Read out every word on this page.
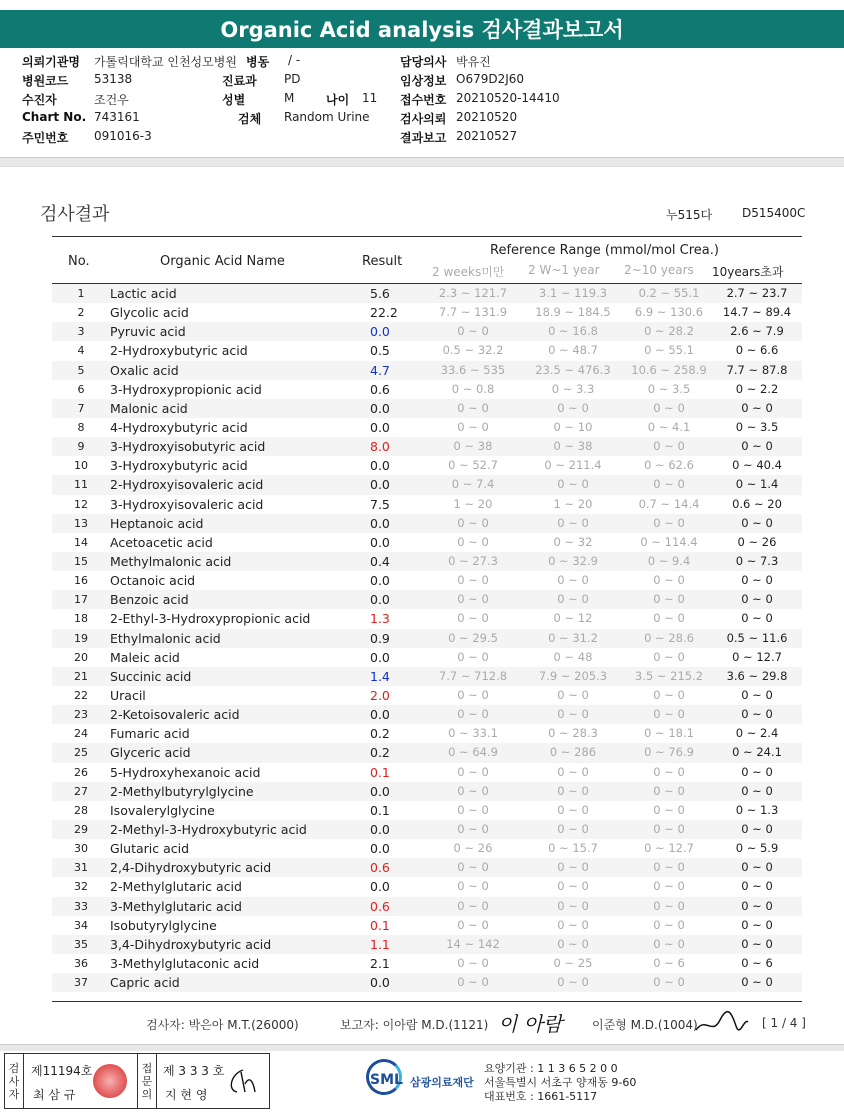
Organic Acid analysis 검사결과보고서
의뢰기관명 가톨릭대학교 인천성모병원 병동 / -	담당의사 박유진
병원코드 53138	진료과 PD	임상정보 O679D2J60
수진자	조건우	성별	M	나이 11 접수번호 20210520-14410
Chart No. 743161	검체 Random Urine	검사의뢰 20210520
주민번호 091016-3	결과보고 20210527
검사결과	누515다 D515400C
No.	Organic Acid Name	Result
Reference Range (mmol/mol Crea.)
2 weeks미만 2 W~1 year 2~10 years 10years초과
1	Lactic acid	5.6	2.3 ~ 121.7	3.1 ~ 119.3	0.2 ~ 55.1	2.7 ~ 23.7
2	Glycolic acid	22.2	7.7 ~ 131.9	18.9 ~ 184.5	6.9 ~ 130.6	14.7 ~ 89.4
3	Pyruvic acid	0.0	0 ~ 0	0 ~ 16.8	0 ~ 28.2	2.6 ~ 7.9
4	2-Hydroxybutyric acid	0.5	0.5 ~ 32.2	0 ~ 48.7	0 ~ 55.1	0 ~ 6.6
5	Oxalic acid	4.7	33.6 ~ 535	23.5 ~ 476.3	10.6 ~ 258.9	7.7 ~ 87.8
6	3-Hydroxypropionic acid	0.6	0 ~ 0.8	0 ~ 3.3	0 ~ 3.5	0 ~ 2.2
7	Malonic acid	0.0	0 ~ 0	0 ~ 0	0 ~ 0	0 ~ 0
8	4-Hydroxybutyric acid	0.0	0 ~ 0	0 ~ 10	0 ~ 4.1	0 ~ 3.5
9	3-Hydroxyisobutyric acid	8.0	0 ~ 38	0 ~ 38	0 ~ 0	0 ~ 0
10	3-Hydroxybutyric acid	0.0	0 ~ 52.7	0 ~ 211.4	0 ~ 62.6	0 ~ 40.4
11	2-Hydroxyisovaleric acid	0.0	0 ~ 7.4	0 ~ 0	0 ~ 0	0 ~ 1.4
12	3-Hydroxyisovaleric acid	7.5	1 ~ 20	1 ~ 20	0.7 ~ 14.4	0.6 ~ 20
13	Heptanoic acid	0.0	0 ~ 0	0 ~ 0	0 ~ 0	0 ~ 0
14	Acetoacetic acid	0.0	0 ~ 0	0 ~ 32	0 ~ 114.4	0 ~ 26
15	Methylmalonic acid	0.4	0 ~ 27.3	0 ~ 32.9	0 ~ 9.4	0 ~ 7.3
16	Octanoic acid	0.0	0 ~ 0	0 ~ 0	0 ~ 0	0 ~ 0
17	Benzoic acid	0.0	0 ~ 0	0 ~ 0	0 ~ 0	0 ~ 0
18	2-Ethyl-3-Hydroxypropionic acid	1.3	0 ~ 0	0 ~ 12	0 ~ 0	0 ~ 0
19	Ethylmalonic acid	0.9	0 ~ 29.5	0 ~ 31.2	0 ~ 28.6	0.5 ~ 11.6
20	Maleic acid	0.0	0 ~ 0	0 ~ 48	0 ~ 0	0 ~ 12.7
21	Succinic acid	1.4	7.7 ~ 712.8	7.9 ~ 205.3	3.5 ~ 215.2	3.6 ~ 29.8
22	Uracil	2.0	0 ~ 0	0 ~ 0	0 ~ 0	0 ~ 0
23	2-Ketoisovaleric acid	0.0	0 ~ 0	0 ~ 0	0 ~ 0	0 ~ 0
24	Fumaric acid	0.2	0 ~ 33.1	0 ~ 28.3	0 ~ 18.1	0 ~ 2.4
25	Glyceric acid	0.2	0 ~ 64.9	0 ~ 286	0 ~ 76.9	0 ~ 24.1
26	5-Hydroxyhexanoic acid	0.1	0 ~ 0	0 ~ 0	0 ~ 0	0 ~ 0
27	2-Methylbutyrylglycine	0.0	0 ~ 0	0 ~ 0	0 ~ 0	0 ~ 0
28	Isovalerylglycine	0.1	0 ~ 0	0 ~ 0	0 ~ 0	0 ~ 1.3
29	2-Methyl-3-Hydroxybutyric acid	0.0	0 ~ 0	0 ~ 0	0 ~ 0	0 ~ 0
30	Glutaric acid	0.0	0 ~ 26	0 ~ 15.7	0 ~ 12.7	0 ~ 5.9
31	2,4-Dihydroxybutyric acid	0.6	0 ~ 0	0 ~ 0	0 ~ 0	0 ~ 0
32	2-Methylglutaric acid	0.0	0 ~ 0	0 ~ 0	0 ~ 0	0 ~ 0
33	3-Methylglutaric acid	0.6	0 ~ 0	0 ~ 0	0 ~ 0	0 ~ 0
34	Isobutyrylglycine	0.1	0 ~ 0	0 ~ 0	0 ~ 0	0 ~ 0
35	3,4-Dihydroxybutyric acid	1.1	14 ~ 142	0 ~ 0	0 ~ 0	0 ~ 0
36	3-Methylglutaconic acid	2.1	0 ~ 0	0 ~ 25	0 ~ 6	0 ~ 6
37	Capric acid	0.0	0 ~ 0	0 ~ 0	0 ~ 0	0 ~ 0
검사자: 박은아 M.T.(26000)	보고자: 이아람 M.D.(1121) 이 아람 이준형 M.D.(1004)	[ 1 / 4 ]
검사자
제11194호
최 삼 규
접문의
제 3 3 3 호
지 현 영
SML 삼광의료재단
요양기관 : 1 1 3 6 5 2 0 0
서울특별시 서초구 양재동 9-60
대표번호 : 1661-5117
